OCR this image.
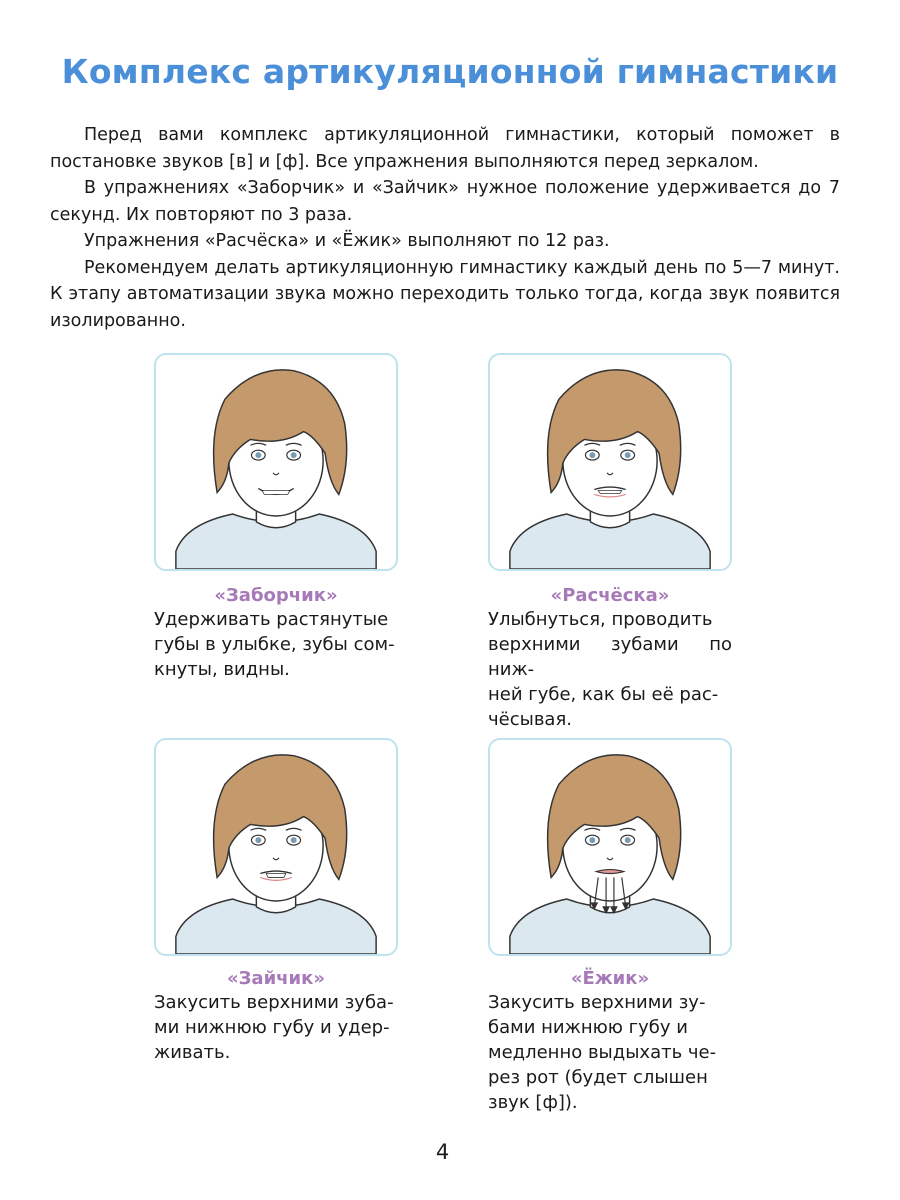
Комплекс артикуляционной гимнастики

Перед вами комплекс артикуляционной гимнастики, который поможет в постановке звуков [в] и [ф]. Все упражнения выполняются перед зеркалом.

В упражнениях «Заборчик» и «Зайчик» нужное положение удерживается до 7 секунд. Их повторяют по 3 раза.

Упражнения «Расчёска» и «Ёжик» выполняют по 12 раз.

Рекомендуем делать артикуляционную гимнастику каждый день по 5—7 минут. К этапу автоматизации звука можно переходить только тогда, когда звук появится изолированно.

«Заборчик»
Удерживать растянутые
губы в улыбке, зубы сом-
кнуты, видны.
«Расчёска»
Улыбнуться, проводить
верхними зубами по ниж-
ней губе, как бы её рас-
чёсывая.
«Зайчик»
Закусить верхними зуба-
ми нижнюю губу и удер-
живать.
«Ёжик»
Закусить верхними зу-
бами нижнюю губу и
медленно выдыхать че-
рез рот (будет слышен
звук [ф]).
4
